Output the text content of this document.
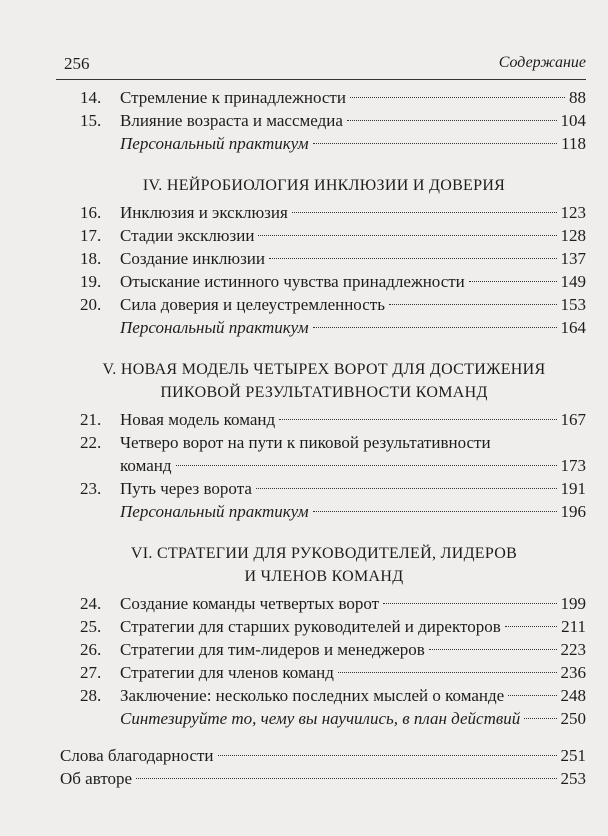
256	Содержание
14.	Стремление к принадлежности	88
15.	Влияние возраста и массмедиа	104
Персональный практикум	118
IV. НЕЙРОБИОЛОГИЯ ИНКЛЮЗИИ И ДОВЕРИЯ
16.	Инклюзия и эксклюзия	123
17.	Стадии эксклюзии	128
18.	Создание инклюзии	137
19.	Отыскание истинного чувства принадлежности	149
20.	Сила доверия и целеустремленность	153
Персональный практикум	164
V. НОВАЯ МОДЕЛЬ ЧЕТЫРЕХ ВОРОТ ДЛЯ ДОСТИЖЕНИЯ
ПИКОВОЙ РЕЗУЛЬТАТИВНОСТИ КОМАНД
21.	Новая модель команд	167
22.	Четверо ворот на пути к пиковой результативности
команд	173
23.	Путь через ворота	191
Персональный практикум	196
VI. СТРАТЕГИИ ДЛЯ РУКОВОДИТЕЛЕЙ, ЛИДЕРОВ
И ЧЛЕНОВ КОМАНД
24.	Создание команды четвертых ворот	199
25.	Стратегии для старших руководителей и директоров	211
26.	Стратегии для тим-лидеров и менеджеров	223
27.	Стратегии для членов команд	236
28.	Заключение: несколько последних мыслей о команде	248
Синтезируйте то, чему вы научились, в план действий 250
Слова благодарности	251
Об авторе	253
